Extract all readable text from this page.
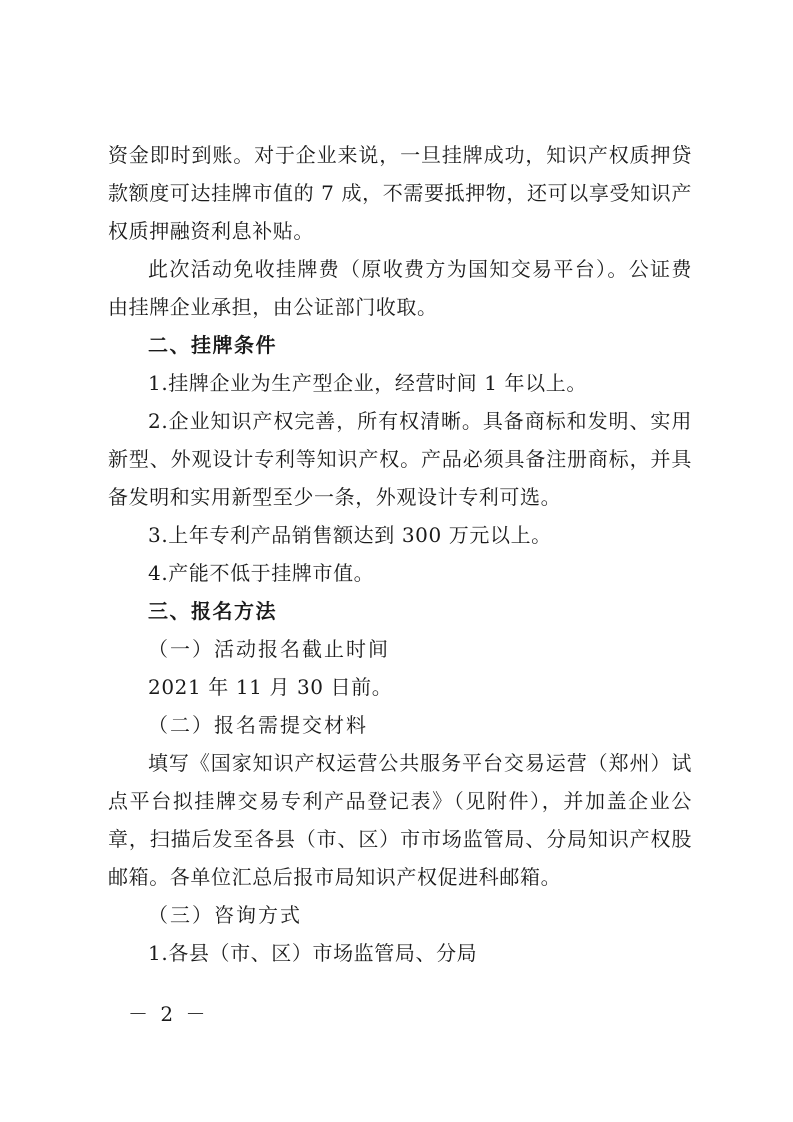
资金即时到账。对于企业来说，一旦挂牌成功，知识产权质押贷款额度可达挂牌市值的 7 成，不需要抵押物，还可以享受知识产权质押融资利息补贴。

此次活动免收挂牌费（原收费方为国知交易平台）。公证费由挂牌企业承担，由公证部门收取。

二、挂牌条件

1.挂牌企业为生产型企业，经营时间 1 年以上。

2.企业知识产权完善，所有权清晰。具备商标和发明、实用新型、外观设计专利等知识产权。产品必须具备注册商标，并具备发明和实用新型至少一条，外观设计专利可选。

3.上年专利产品销售额达到 300 万元以上。

4.产能不低于挂牌市值。

三、报名方法

（一）活动报名截止时间

2021 年 11 月 30 日前。

（二）报名需提交材料

填写《国家知识产权运营公共服务平台交易运营（郑州）试点平台拟挂牌交易专利产品登记表》（见附件），并加盖企业公章，扫描后发至各县（市、区）市市场监管局、分局知识产权股邮箱。各单位汇总后报市局知识产权促进科邮箱。

（三）咨询方式

1.各县（市、区）市场监管局、分局

－ 2 －
